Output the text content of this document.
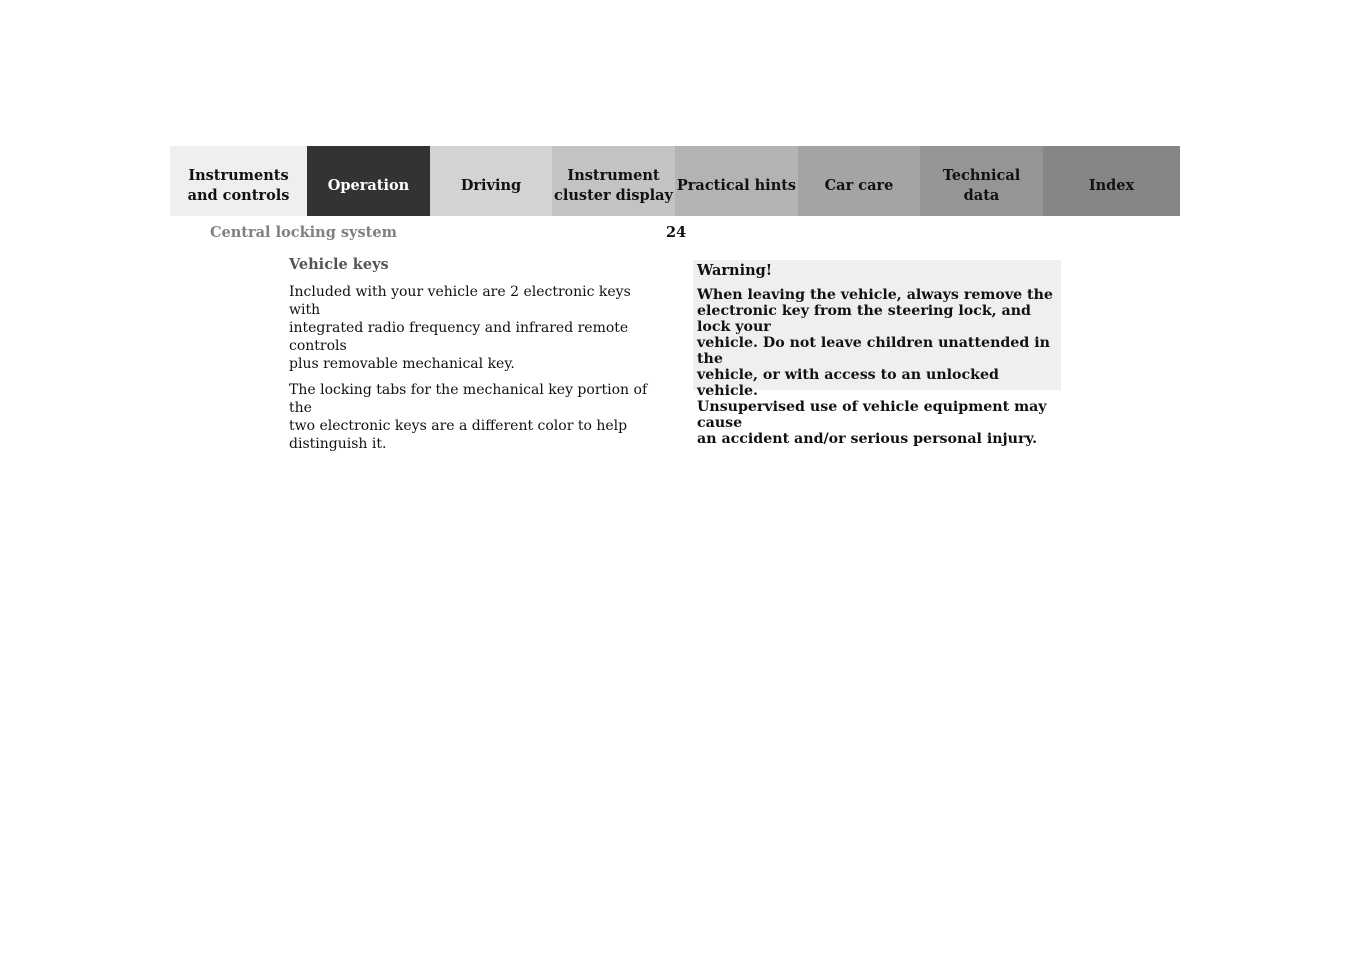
Instruments
and controls
Operation	Driving
Instrument
cluster display
Practical hints	Car care
Technical
data
Index
Central locking system	24
Vehicle keys

Included with your vehicle are 2 electronic keys with
integrated radio frequency and infrared remote controls
plus removable mechanical key.

The locking tabs for the mechanical key portion of the
two electronic keys are a different color to help
distinguish it.

Warning!

When leaving the vehicle, always remove the
electronic key from the steering lock, and lock your
vehicle. Do not leave children unattended in the
vehicle, or with access to an unlocked vehicle.
Unsupervised use of vehicle equipment may cause
an accident and/or serious personal injury.
